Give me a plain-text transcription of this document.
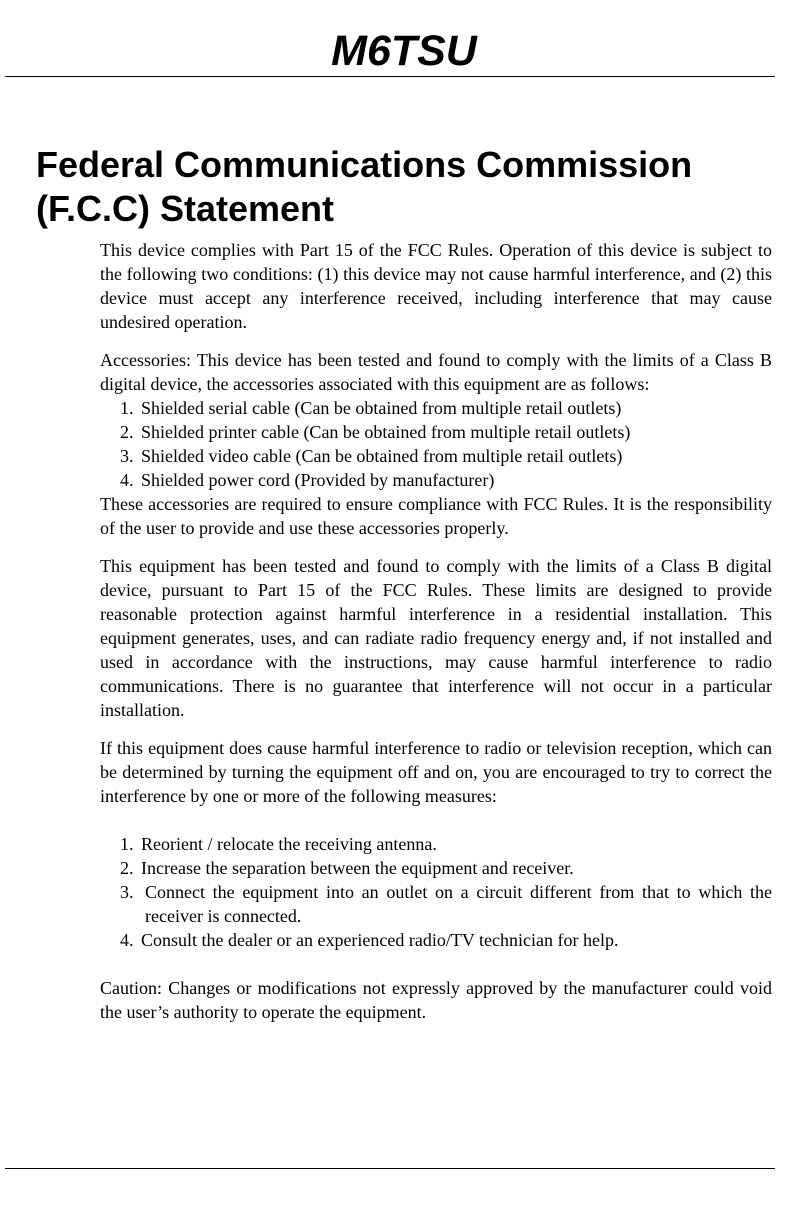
M6TSU
Federal Communications Commission
(F.C.C) Statement

This device complies with Part 15 of the FCC Rules. Operation of this device is subject to the following two conditions: (1) this device may not cause harmful interference, and (2) this device must accept any interference received, including interference that may cause undesired operation.

Accessories: This device has been tested and found to comply with the limits of a Class B digital device, the accessories associated with this equipment are as follows:

1. Shielded serial cable (Can be obtained from multiple retail outlets)
2. Shielded printer cable (Can be obtained from multiple retail outlets)
3. Shielded video cable (Can be obtained from multiple retail outlets)
4. Shielded power cord (Provided by manufacturer)

These accessories are required to ensure compliance with FCC Rules. It is the responsibility of the user to provide and use these accessories properly.

This equipment has been tested and found to comply with the limits of a Class B digital device, pursuant to Part 15 of the FCC Rules. These limits are designed to provide reasonable protection against harmful interference in a residential installation. This equipment generates, uses, and can radiate radio frequency energy and, if not installed and used in accordance with the instructions, may cause harmful interference to radio communications. There is no guarantee that interference will not occur in a particular installation.

If this equipment does cause harmful interference to radio or television reception, which can be determined by turning the equipment off and on, you are encouraged to try to correct the interference by one or more of the following measures:

1. Reorient / relocate the receiving antenna.
2. Increase the separation between the equipment and receiver.
3. Connect the equipment into an outlet on a circuit different from that to which the receiver is connected.
4. Consult the dealer or an experienced radio/TV technician for help.

Caution: Changes or modifications not expressly approved by the manufacturer could void the user’s authority to operate the equipment.
